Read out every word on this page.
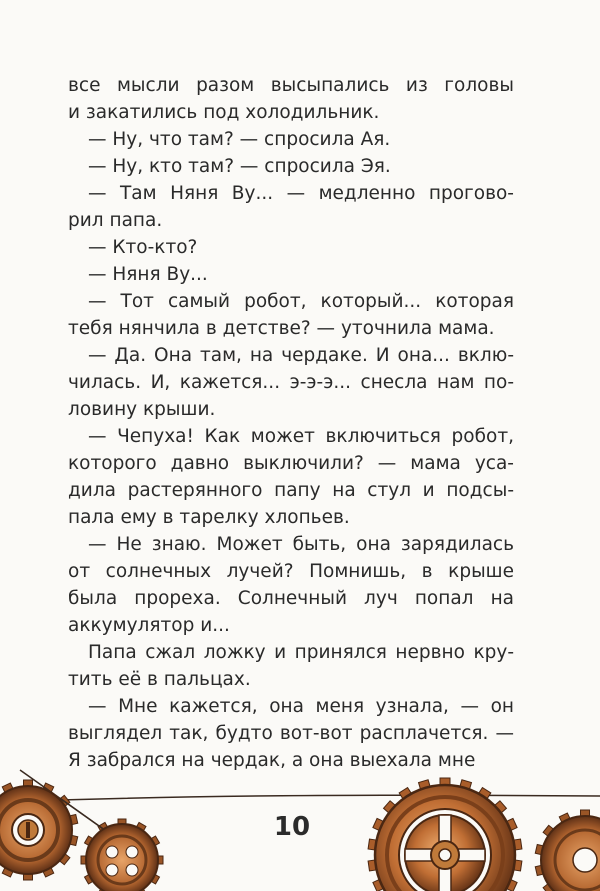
все мысли разом высыпались из головы
и закатились под холодильник.
— Ну, что там? — спросила Ая.
— Ну, кто там? — спросила Эя.
— Там Няня Ву... — медленно прогово-
рил папа.
— Кто-кто?
— Няня Ву...
— Тот самый робот, который... которая
тебя нянчила в детстве? — уточнила мама.
— Да. Она там, на чердаке. И она... вклю-
чилась. И, кажется... э-э-э... снесла нам по-
ловину крыши.
— Чепуха! Как может включиться робот,
которого давно выключили? — мама уса-
дила растерянного папу на стул и подсы-
пала ему в тарелку хлопьев.
— Не знаю. Может быть, она зарядилась
от солнечных лучей? Помнишь, в крыше
была прореха. Солнечный луч попал на
аккумулятор и...
Папа сжал ложку и принялся нервно кру-
тить её в пальцах.
— Мне кажется, она меня узнала, — он
выглядел так, будто вот-вот расплачется. —
Я забрался на чердак, а она выехала мне
10
